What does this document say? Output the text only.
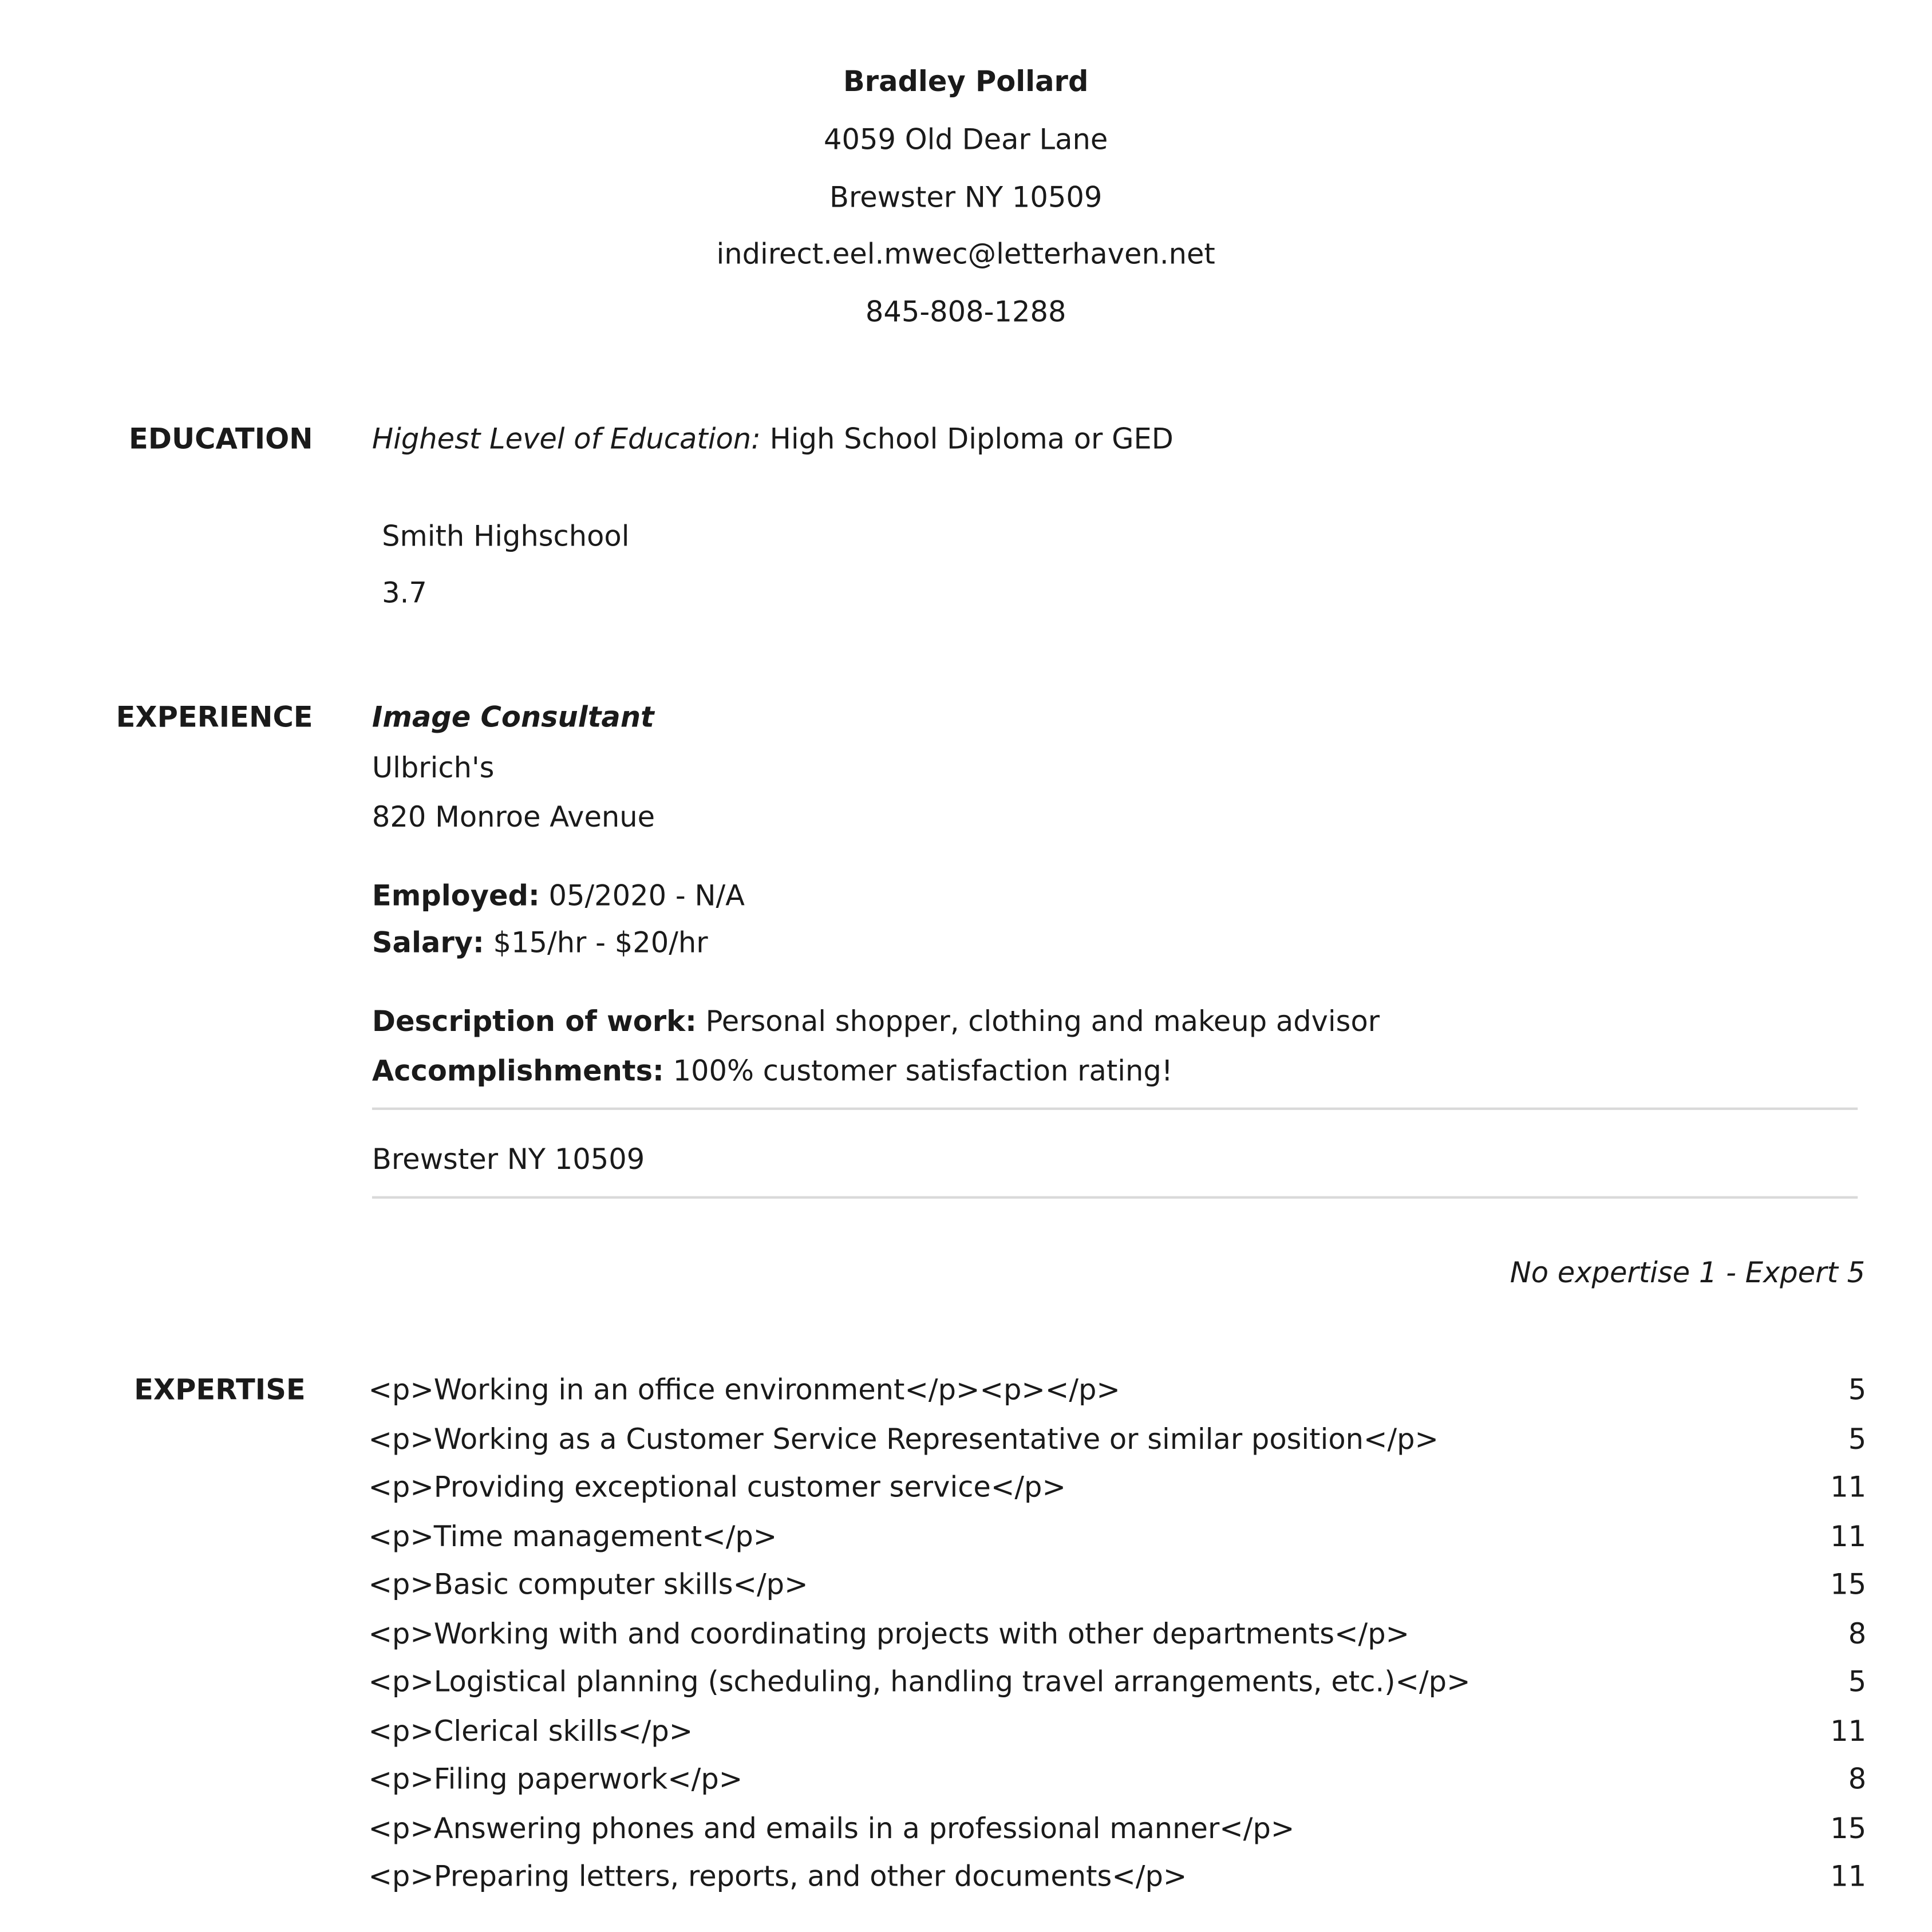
Bradley Pollard
4059 Old Dear Lane
Brewster NY 10509
indirect.eel.mwec@letterhaven.net
845-808-1288
EDUCATION	Highest Level of Education: High School Diploma or GED
Smith Highschool
3.7
EXPERIENCE	Image Consultant
Ulbrich's
820 Monroe Avenue
Employed: 05/2020 - N/A
Salary: $15/hr - $20/hr
Description of work: Personal shopper, clothing and makeup advisor
Accomplishments: 100% customer satisfaction rating!
Brewster NY 10509
No expertise 1 - Expert 5
EXPERTISE	<p>Working in an office environment</p><p></p>	5
<p>Working as a Customer Service Representative or similar position</p>	5
<p>Providing exceptional customer service</p>	11
<p>Time management</p>	11
<p>Basic computer skills</p>	15
<p>Working with and coordinating projects with other departments</p>	8
<p>Logistical planning (scheduling, handling travel arrangements, etc.)</p>	5
<p>Clerical skills</p>	11
<p>Filing paperwork</p>	8
<p>Answering phones and emails in a professional manner</p>	15
<p>Preparing letters, reports, and other documents</p>	11
